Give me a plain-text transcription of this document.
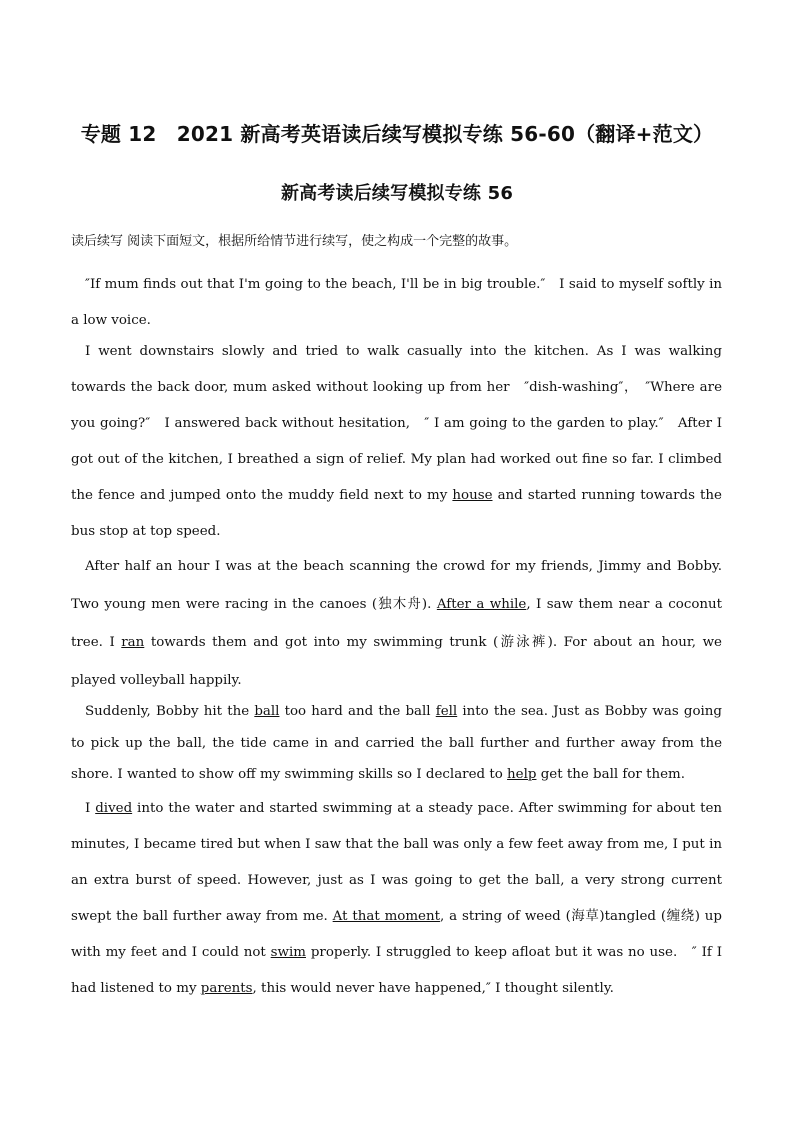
专题 12　2021 新高考英语读后续写模拟专练 56-60（翻译+范文）
新高考读后续写模拟专练 56
读后续写 阅读下面短文，根据所给情节进行续写，使之构成一个完整的故事。

″If mum finds out that I'm going to the beach, I'll be in big trouble.″　I said to myself softly in a low voice.

I went downstairs slowly and tried to walk casually into the kitchen. As I was walking towards the back door, mum asked without looking up from her　″dish-washing″，　″Where are you going?″　I answered back without hesitation,　″ I am going to the garden to play.″　After I got out of the kitchen, I breathed a sign of relief. My plan had worked out fine so far. I climbed the fence and jumped onto the muddy field next to my house and started running towards the bus stop at top speed.

After half an hour I was at the beach scanning the crowd for my friends, Jimmy and Bobby. Two young men were racing in the canoes (独木舟). After a while, I saw them near a coconut tree. I ran towards them and got into my swimming trunk (游泳裤). For about an hour, we played volleyball happily.

Suddenly, Bobby hit the ball too hard and the ball fell into the sea. Just as Bobby was going to pick up the ball, the tide came in and carried the ball further and further away from the shore. I wanted to show off my swimming skills so I declared to help get the ball for them.

I dived into the water and started swimming at a steady pace. After swimming for about ten minutes, I became tired but when I saw that the ball was only a few feet away from me, I put in an extra burst of speed. However, just as I was going to get the ball, a very strong current swept the ball further away from me. At that moment, a string of weed (海草)tangled (缠绕) up with my feet and I could not swim properly. I struggled to keep afloat but it was no use.　″ If I had listened to my parents, this would never have happened,″ I thought silently.
